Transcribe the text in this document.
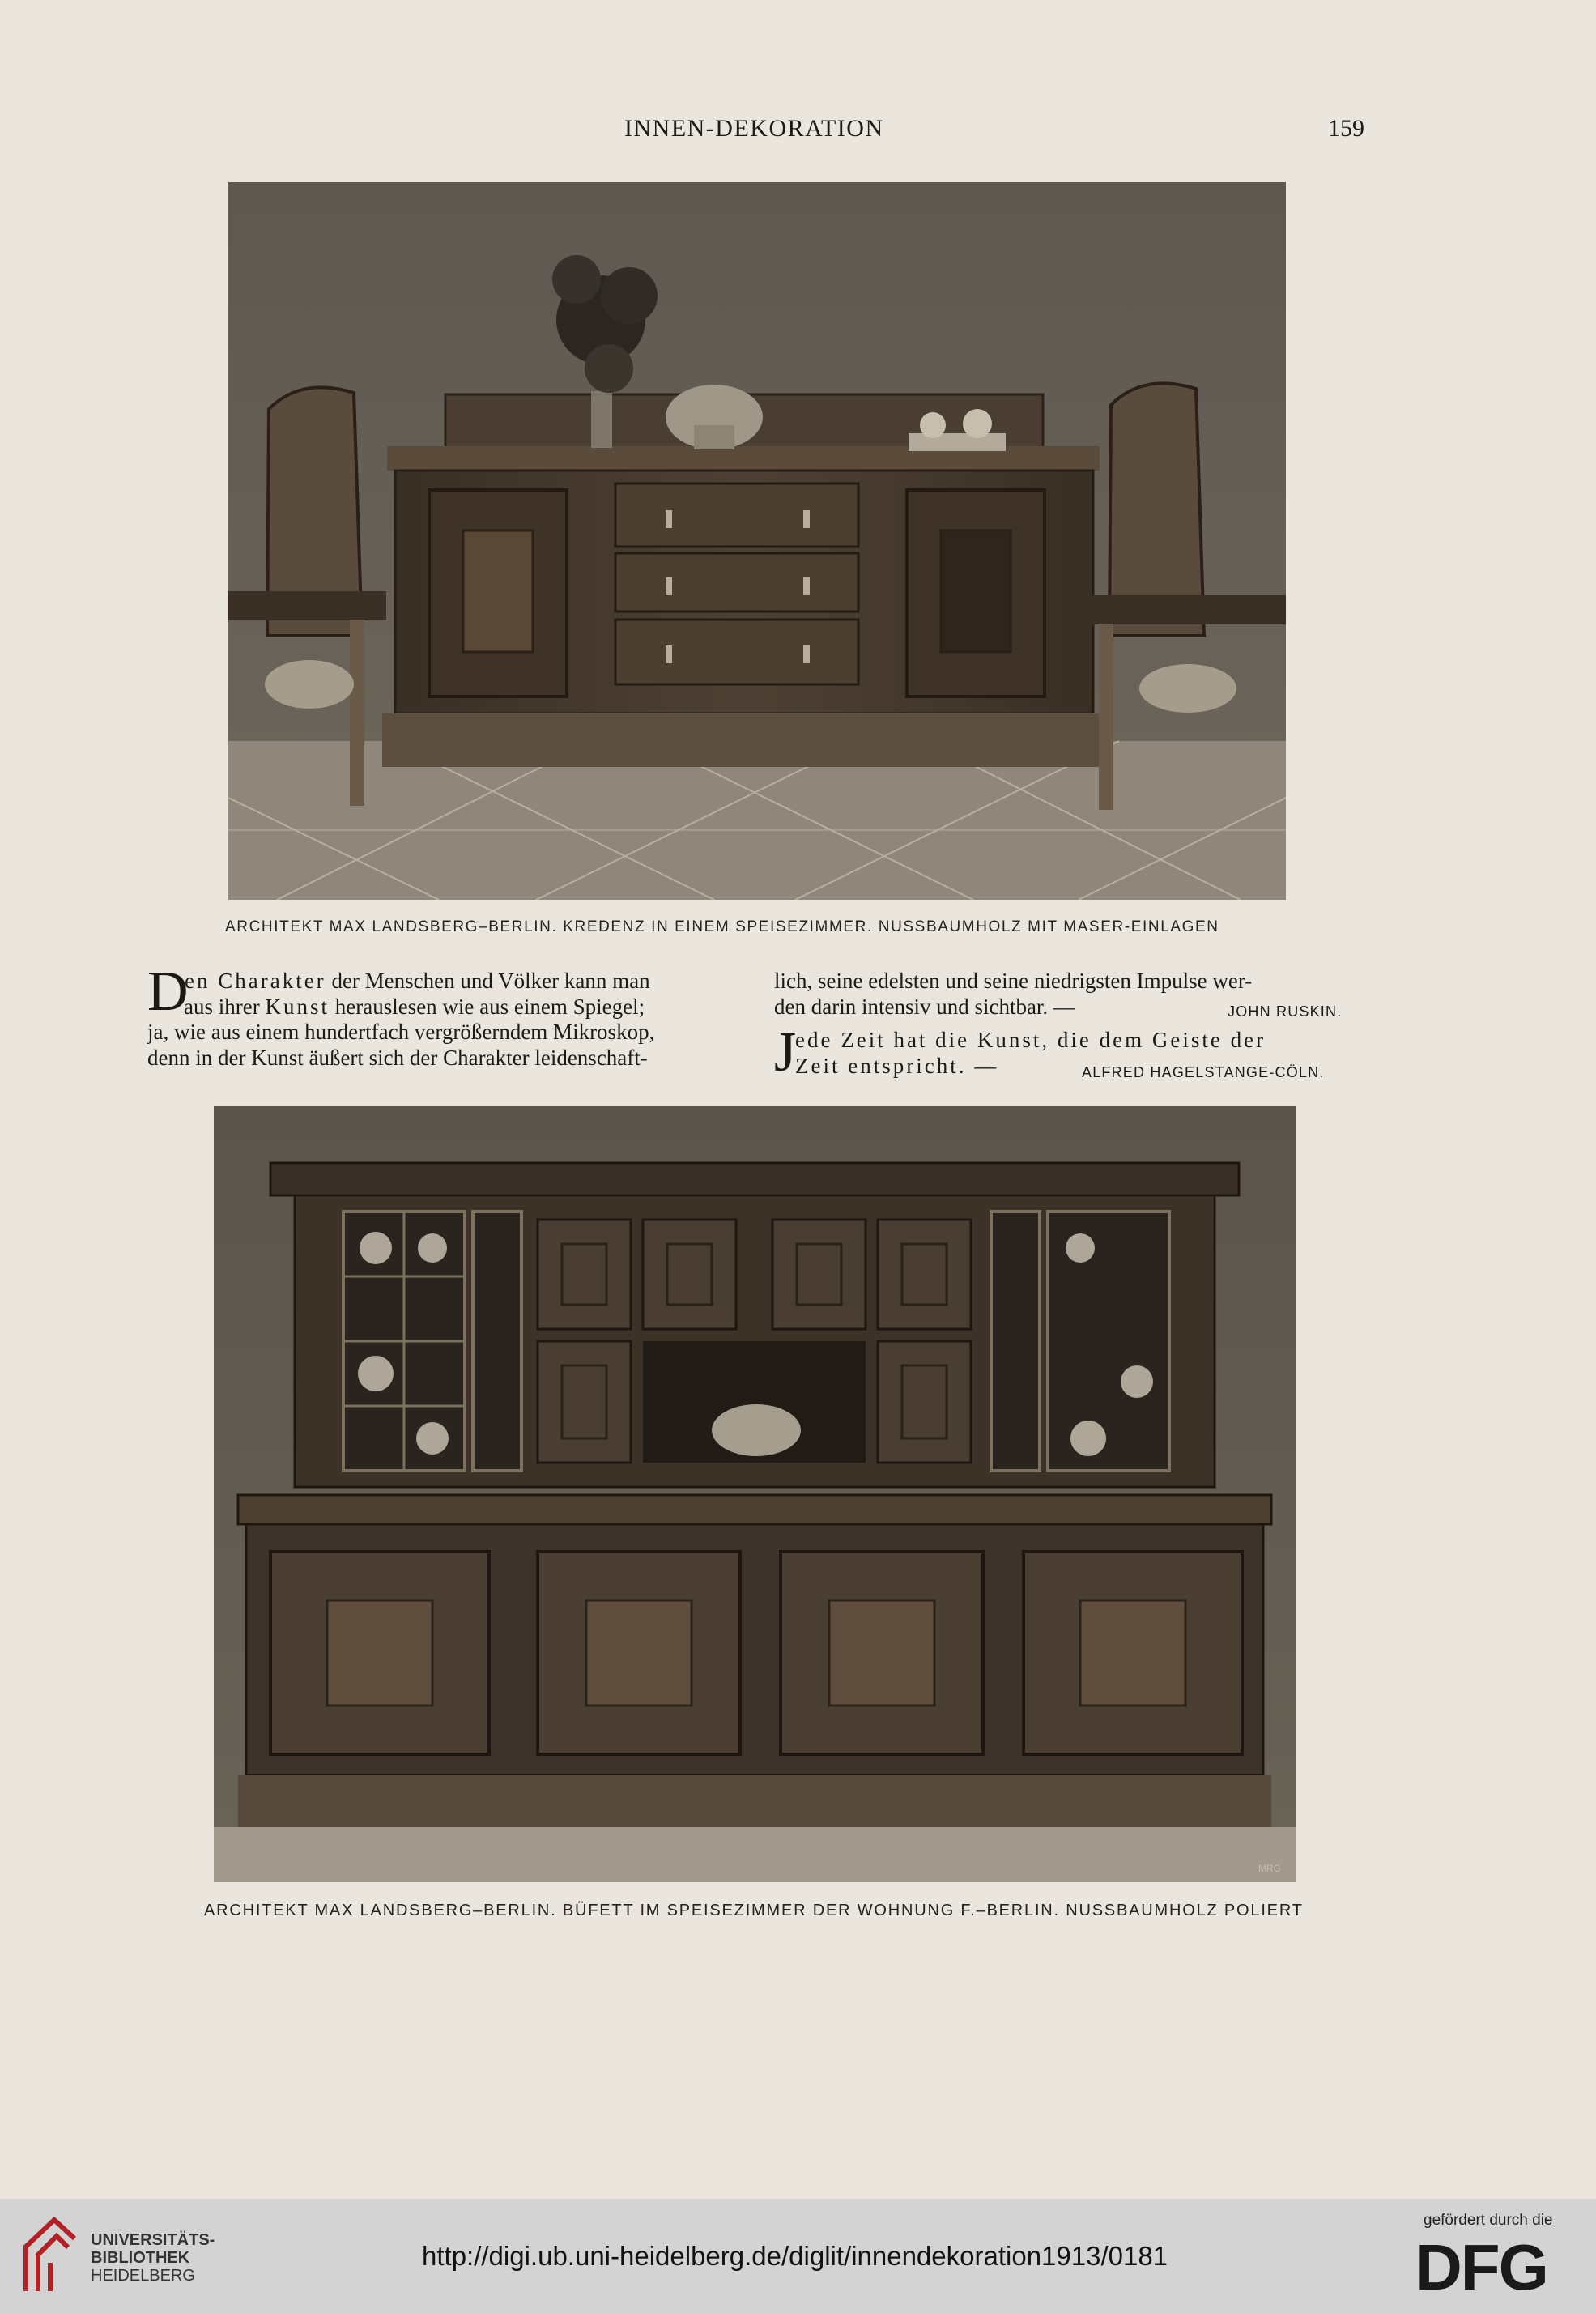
INNEN-DEKORATION	159
ARCHITEKT MAX LANDSBERG–BERLIN. KREDENZ IN EINEM SPEISEZIMMER. NUSSBAUMHOLZ MIT MASER-EINLAGEN
D
en Charakter der Menschen und Völker kann man
aus ihrer Kunst herauslesen wie aus einem Spiegel;
ja, wie aus einem hundertfach vergrößerndem Mikroskop,
denn in der Kunst äußert sich der Charakter leidenschaft-
lich, seine edelsten und seine niedrigsten Impulse wer-
den darin intensiv und sichtbar. —	JOHN RUSKIN.
J
ede Zeit hat die Kunst, die dem Geiste der
Zeit entspricht. —	ALFRED HAGELSTANGE-CÖLN.
MRG
ARCHITEKT MAX LANDSBERG–BERLIN. BÜFETT IM SPEISEZIMMER DER WOHNUNG F.–BERLIN. NUSSBAUMHOLZ POLIERT
UNIVERSITÄTS-
BIBLIOTHEK
HEIDELBERG
http://digi.ub.uni-heidelberg.de/diglit/innendekoration1913/0181
gefördert durch die
DFG
